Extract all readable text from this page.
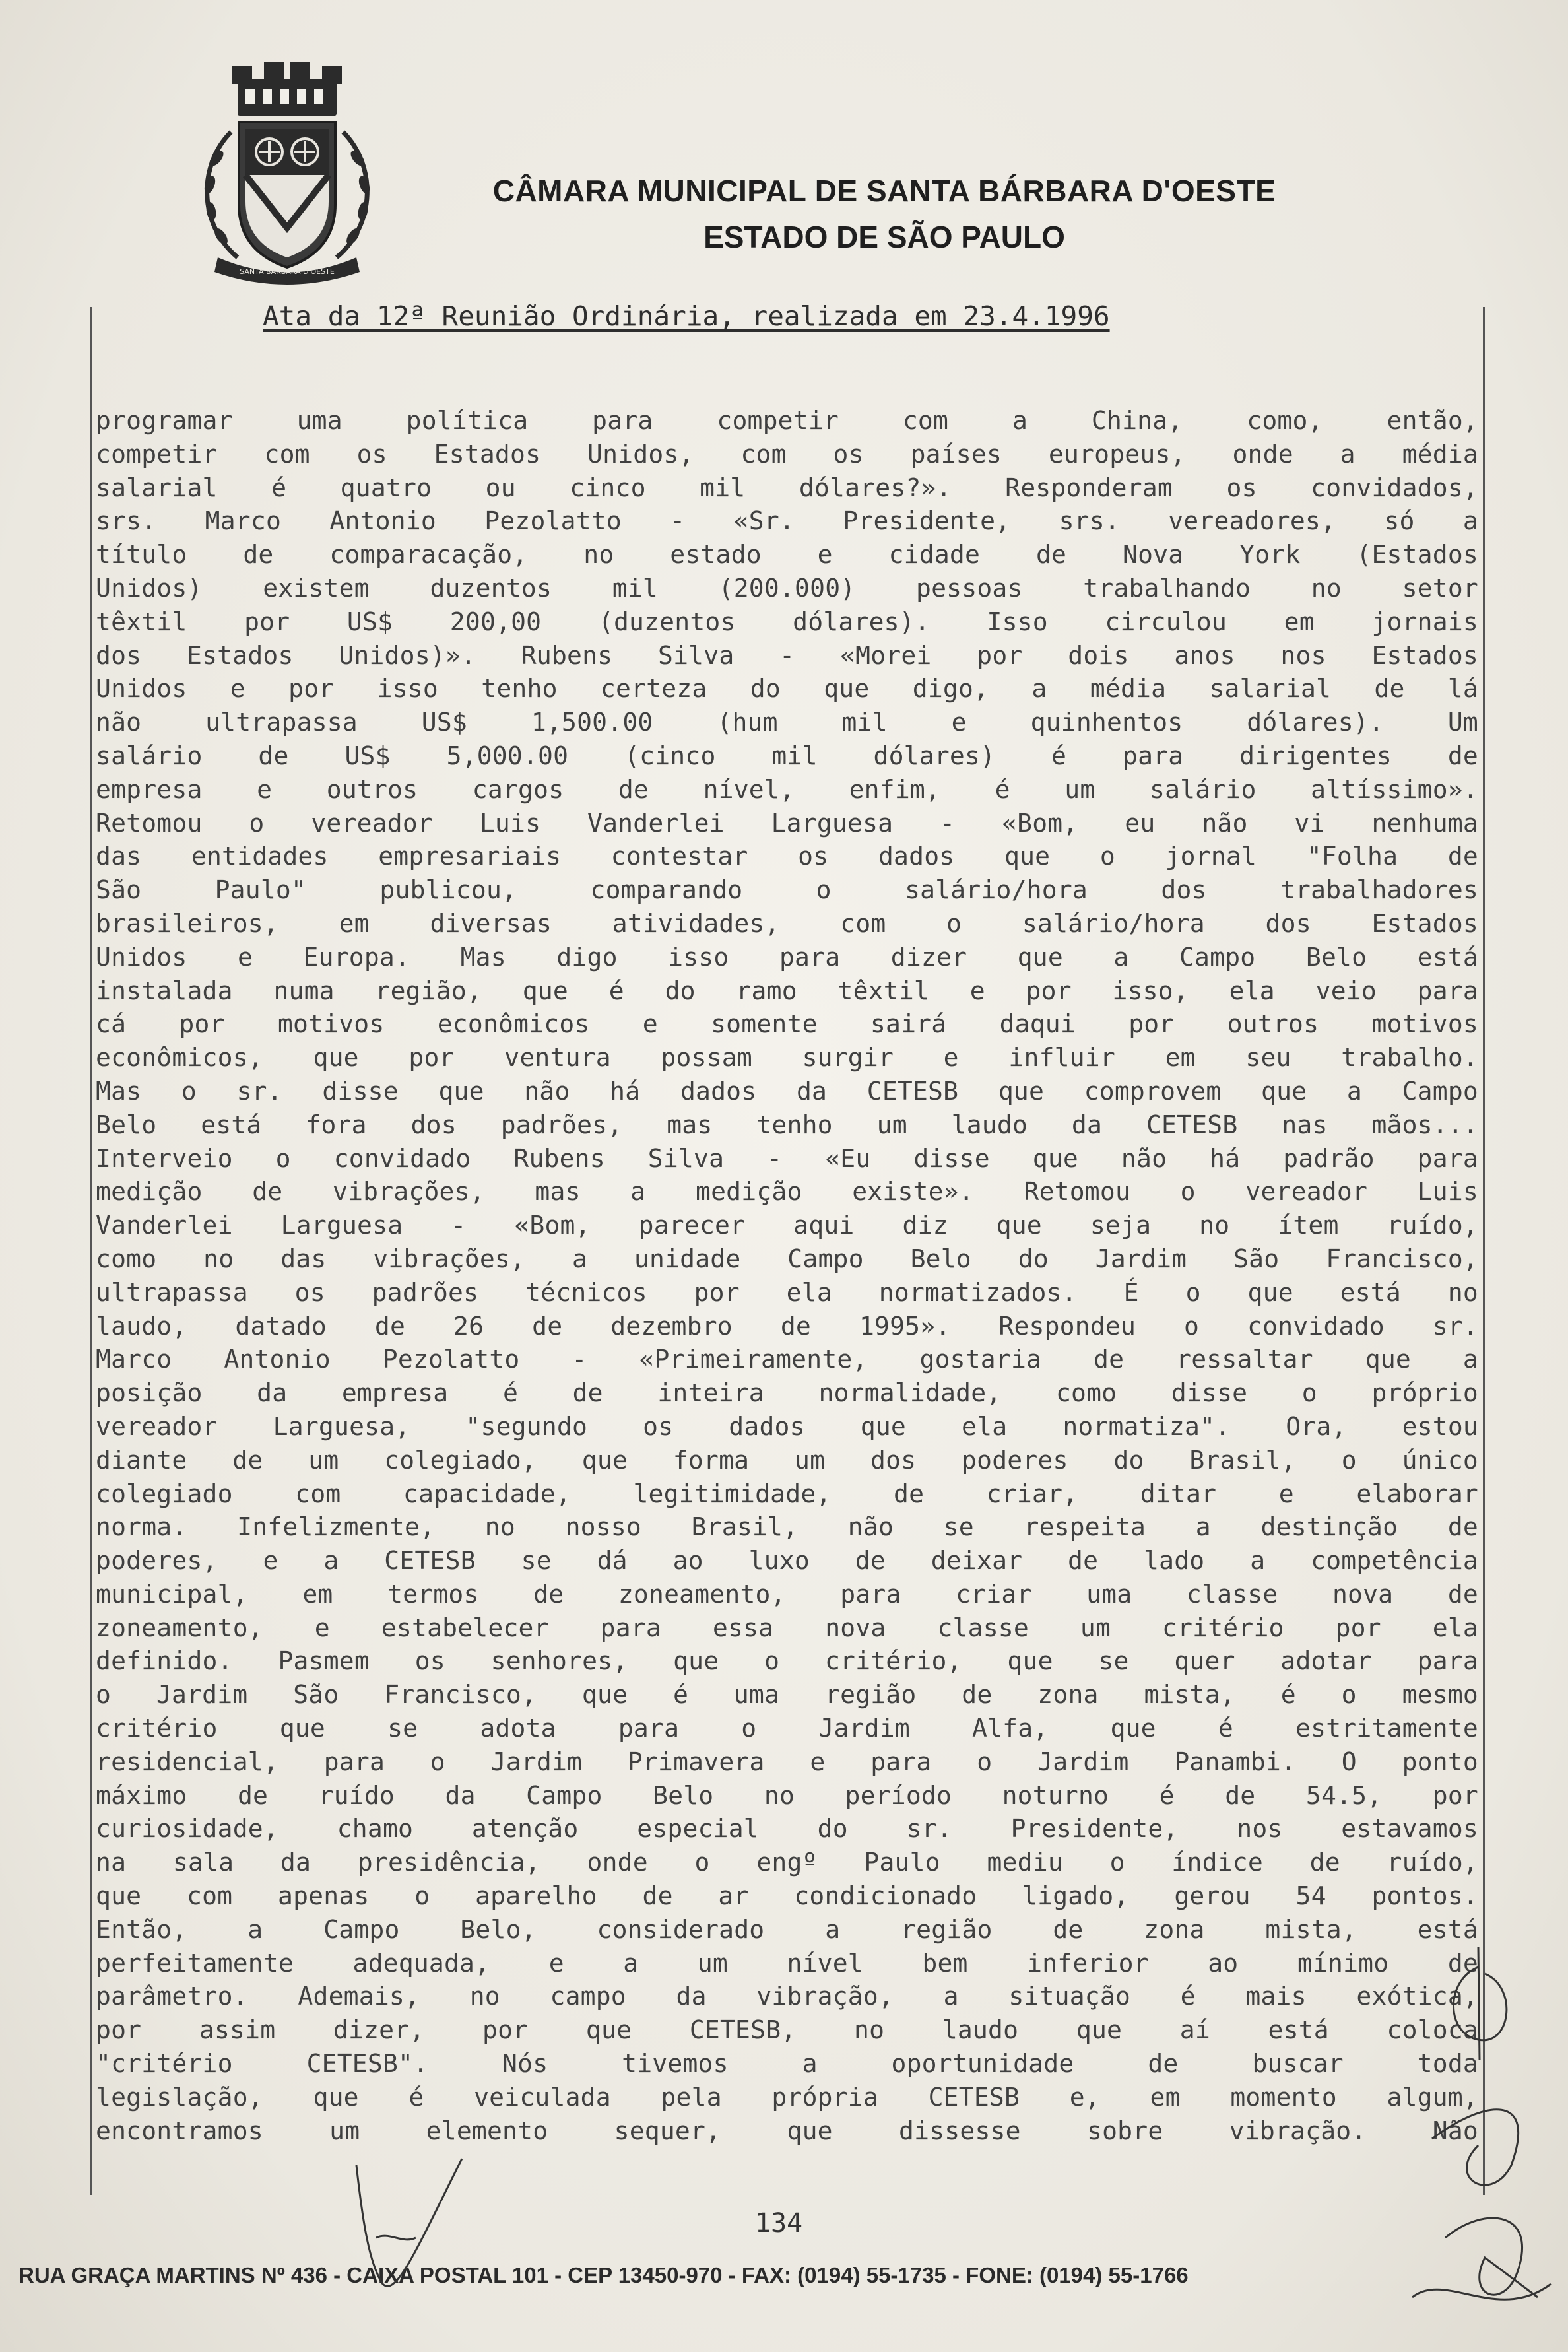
SANTA BARBARA D'OESTE
CÂMARA MUNICIPAL DE SANTA BÁRBARA D'OESTE
ESTADO DE SÃO PAULO
Ata da 12ª Reunião Ordinária, realizada em 23.4.1996
programar uma política para competir com a China, como, então,
competir com os Estados Unidos, com os países europeus, onde a média
salarial é quatro ou cinco mil dólares?». Responderam os convidados,
srs. Marco Antonio Pezolatto - «Sr. Presidente, srs. vereadores, só a
título de comparacação, no estado e cidade de Nova York (Estados
Unidos) existem duzentos mil (200.000) pessoas trabalhando no setor
têxtil por US$ 200,00 (duzentos dólares). Isso circulou em jornais
dos Estados Unidos)». Rubens Silva - «Morei por dois anos nos Estados
Unidos e por isso tenho certeza do que digo, a média salarial de lá
não ultrapassa US$ 1,500.00 (hum mil e quinhentos dólares). Um
salário de US$ 5,000.00 (cinco mil dólares) é para dirigentes de
empresa e outros cargos de nível, enfim, é um salário altíssimo».
Retomou o vereador Luis Vanderlei Larguesa - «Bom, eu não vi nenhuma
das entidades empresariais contestar os dados que o jornal "Folha de
São Paulo" publicou, comparando o salário/hora dos trabalhadores
brasileiros, em diversas atividades, com o salário/hora dos Estados
Unidos e Europa. Mas digo isso para dizer que a Campo Belo está
instalada numa região, que é do ramo têxtil e por isso, ela veio para
cá por motivos econômicos e somente sairá daqui por outros motivos
econômicos, que por ventura possam surgir e influir em seu trabalho.
Mas o sr. disse que não há dados da CETESB que comprovem que a Campo
Belo está fora dos padrões, mas tenho um laudo da CETESB nas mãos...
Interveio o convidado Rubens Silva - «Eu disse que não há padrão para
medição de vibrações, mas a medição existe». Retomou o vereador Luis
Vanderlei Larguesa - «Bom, parecer aqui diz que seja no ítem ruído,
como no das vibrações, a unidade Campo Belo do Jardim São Francisco,
ultrapassa os padrões técnicos por ela normatizados. É o que está no
laudo, datado de 26 de dezembro de 1995». Respondeu o convidado sr.
Marco Antonio Pezolatto - «Primeiramente, gostaria de ressaltar que a
posição da empresa é de inteira normalidade, como disse o próprio
vereador Larguesa, "segundo os dados que ela normatiza". Ora, estou
diante de um colegiado, que forma um dos poderes do Brasil, o único
colegiado com capacidade, legitimidade, de criar, ditar e elaborar
norma. Infelizmente, no nosso Brasil, não se respeita a destinção de
poderes, e a CETESB se dá ao luxo de deixar de lado a competência
municipal, em termos de zoneamento, para criar uma classe nova de
zoneamento, e estabelecer para essa nova classe um critério por ela
definido. Pasmem os senhores, que o critério, que se quer adotar para
o Jardim São Francisco, que é uma região de zona mista, é o mesmo
critério que se adota para o Jardim Alfa, que é estritamente
residencial, para o Jardim Primavera e para o Jardim Panambi. O ponto
máximo de ruído da Campo Belo no período noturno é de 54.5, por
curiosidade, chamo atenção especial do sr. Presidente, nos estavamos
na sala da presidência, onde o engº Paulo mediu o índice de ruído,
que com apenas o aparelho de ar condicionado ligado, gerou 54 pontos.
Então, a Campo Belo, considerado a região de zona mista, está
perfeitamente adequada, e a um nível bem inferior ao mínimo de
parâmetro. Ademais, no campo da vibração, a situação é mais exótica,
por assim dizer, por que CETESB, no laudo que aí está coloca
"critério CETESB". Nós tivemos a oportunidade de buscar toda
legislação, que é veiculada pela própria CETESB e, em momento algum,
encontramos um elemento sequer, que dissesse sobre vibração. Não
134
RUA GRAÇA MARTINS Nº 436 - CAIXA POSTAL 101 - CEP 13450-970 - FAX: (0194) 55-1735 - FONE: (0194) 55-1766
